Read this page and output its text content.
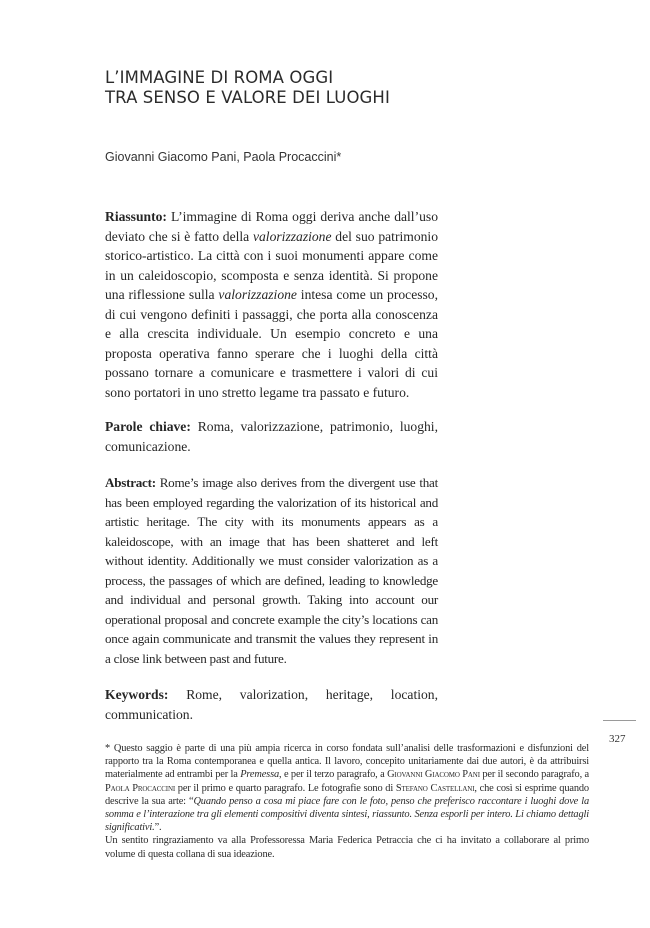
L’IMMAGINE DI ROMA OGGI
TRA SENSO E VALORE DEI LUOGHI
Giovanni Giacomo Pani, Paola Procaccini*
Riassunto: L’immagine di Roma oggi deriva anche dall’uso deviato che si è fatto della valorizzazione del suo patrimonio storico-artistico. La città con i suoi monumenti appare come in un caleidoscopio, scomposta e senza identità. Si propone una riflessione sulla valorizzazione intesa come un processo, di cui vengono definiti i passaggi, che porta alla conoscenza e alla crescita individuale. Un esempio concreto e una proposta operativa fanno sperare che i luoghi della città possano tornare a comunicare e trasmettere i valori di cui sono portatori in uno stretto legame tra passato e futuro.
Parole chiave: Roma, valorizzazione, patrimonio, luoghi, comunicazione.
Abstract: Rome’s image also derives from the divergent use that has been employed regarding the valorization of its historical and artistic heritage. The city with its monuments appears as a kaleidoscope, with an image that has been shatteret and left without identity. Additionally we must consider valorization as a process, the passages of which are defined, leading to knowledge and individual and personal growth. Taking into account our operational proposal and concrete example the city’s locations can once again communicate and transmit the values they represent in a close link between past and future.
Keywords: Rome, valorization, heritage, location, communication.
327

* Questo saggio è parte di una più ampia ricerca in corso fondata sull’analisi delle trasformazioni e disfunzioni del rapporto tra la Roma contemporanea e quella antica. Il lavoro, concepito unitariamente dai due autori, è da attribuirsi materialmente ad entrambi per la Premessa, e per il terzo paragrafo, a Giovanni Giacomo Pani per il secondo paragrafo, a Paola Procaccini per il primo e quarto paragrafo. Le fotografie sono di Stefano Castellani, che così si esprime quando descrive la sua arte: “Quando penso a cosa mi piace fare con le foto, penso che preferisco raccontare i luoghi dove la somma e l’interazione tra gli elementi compositivi diventa sintesi, riassunto. Senza esporli per intero. Li chiamo dettagli significativi.”.

Un sentito ringraziamento va alla Professoressa Maria Federica Petraccia che ci ha invitato a collaborare al primo volume di questa collana di sua ideazione.
